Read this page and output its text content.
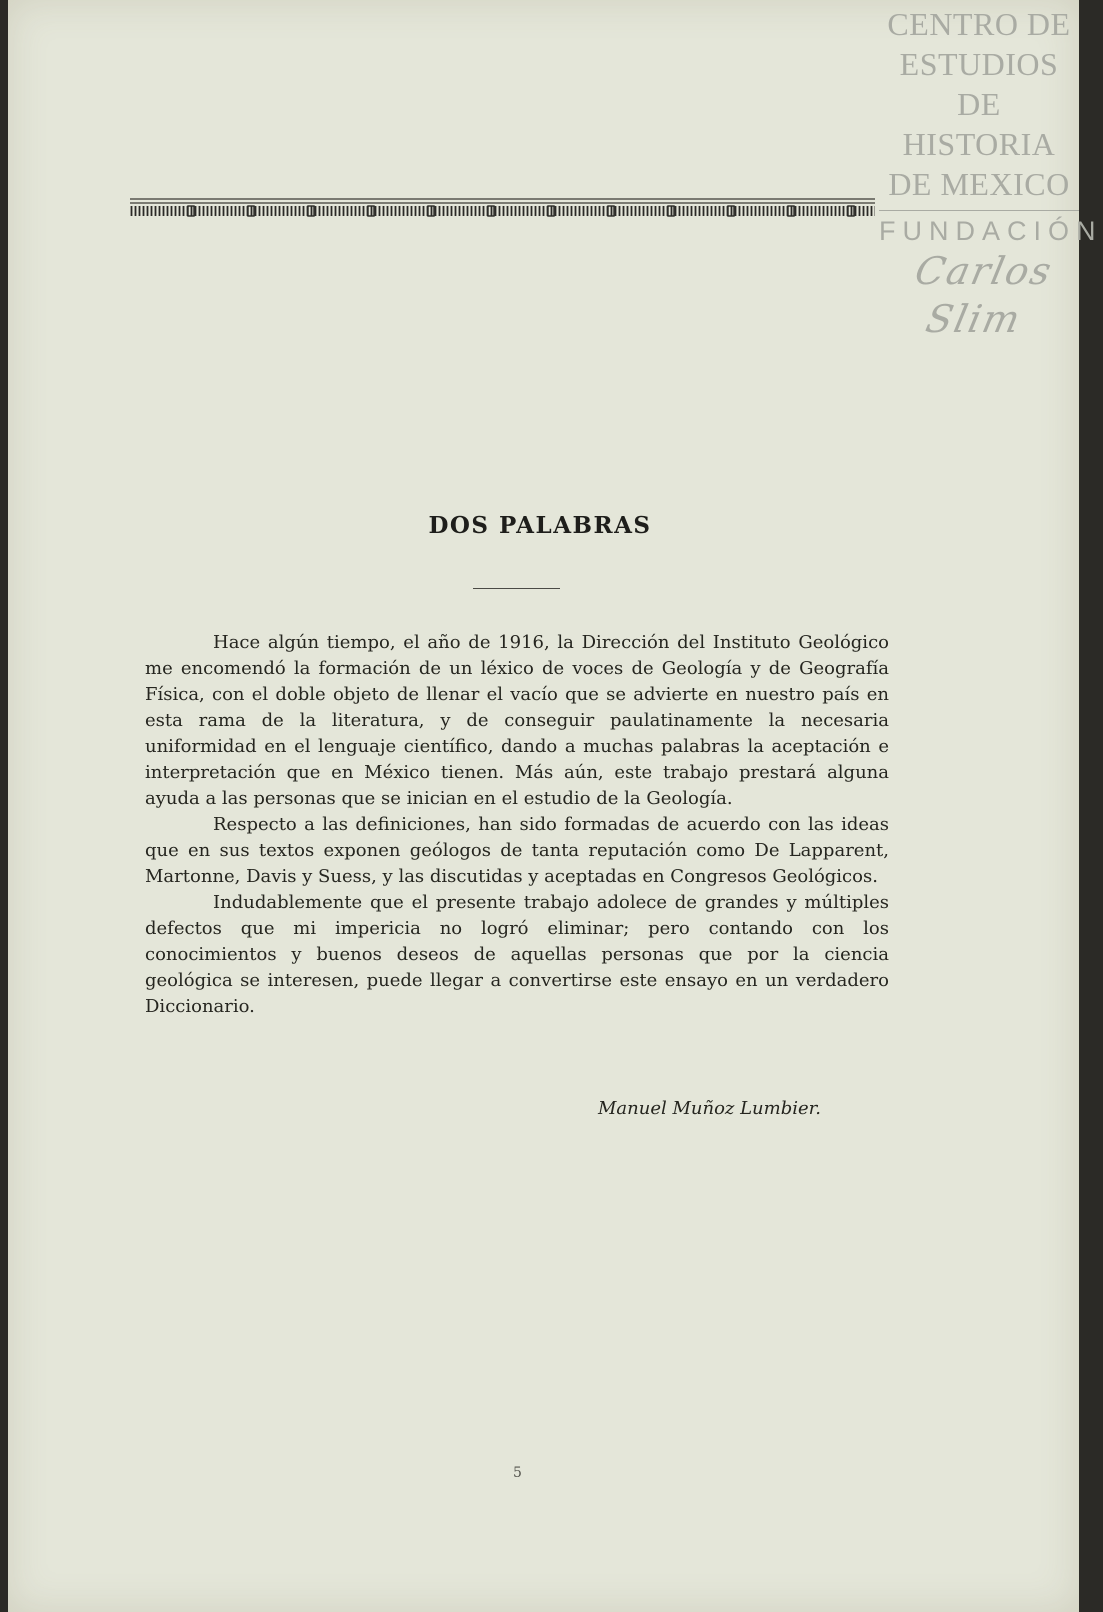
CENTRO DE
ESTUDIOS
DE HISTORIA
DE MEXICO
FUNDACIÓN
Carlos Slim
DOS PALABRAS

Hace algún tiempo, el año de 1916, la Dirección del Instituto Geológico me encomendó la formación de un léxico de voces de Geología y de Geografía Física, con el doble objeto de llenar el vacío que se advierte en nuestro país en esta rama de la literatura, y de conseguir paulatinamente la necesaria uniformidad en el lenguaje científico, dando a muchas palabras la aceptación e interpretación que en México tienen. Más aún, este trabajo prestará alguna ayuda a las personas que se inician en el estudio de la Geología.

Respecto a las definiciones, han sido formadas de acuerdo con las ideas que en sus textos exponen geólogos de tanta reputación como De Lapparent, Martonne, Davis y Suess, y las discutidas y aceptadas en Congresos Geológicos.

Indudablemente que el presente trabajo adolece de grandes y múltiples defectos que mi impericia no logró eliminar; pero contando con los conocimientos y buenos deseos de aquellas personas que por la ciencia geológica se interesen, puede llegar a convertirse este ensayo en un verdadero Diccionario.

Manuel Muñoz Lumbier.
5
